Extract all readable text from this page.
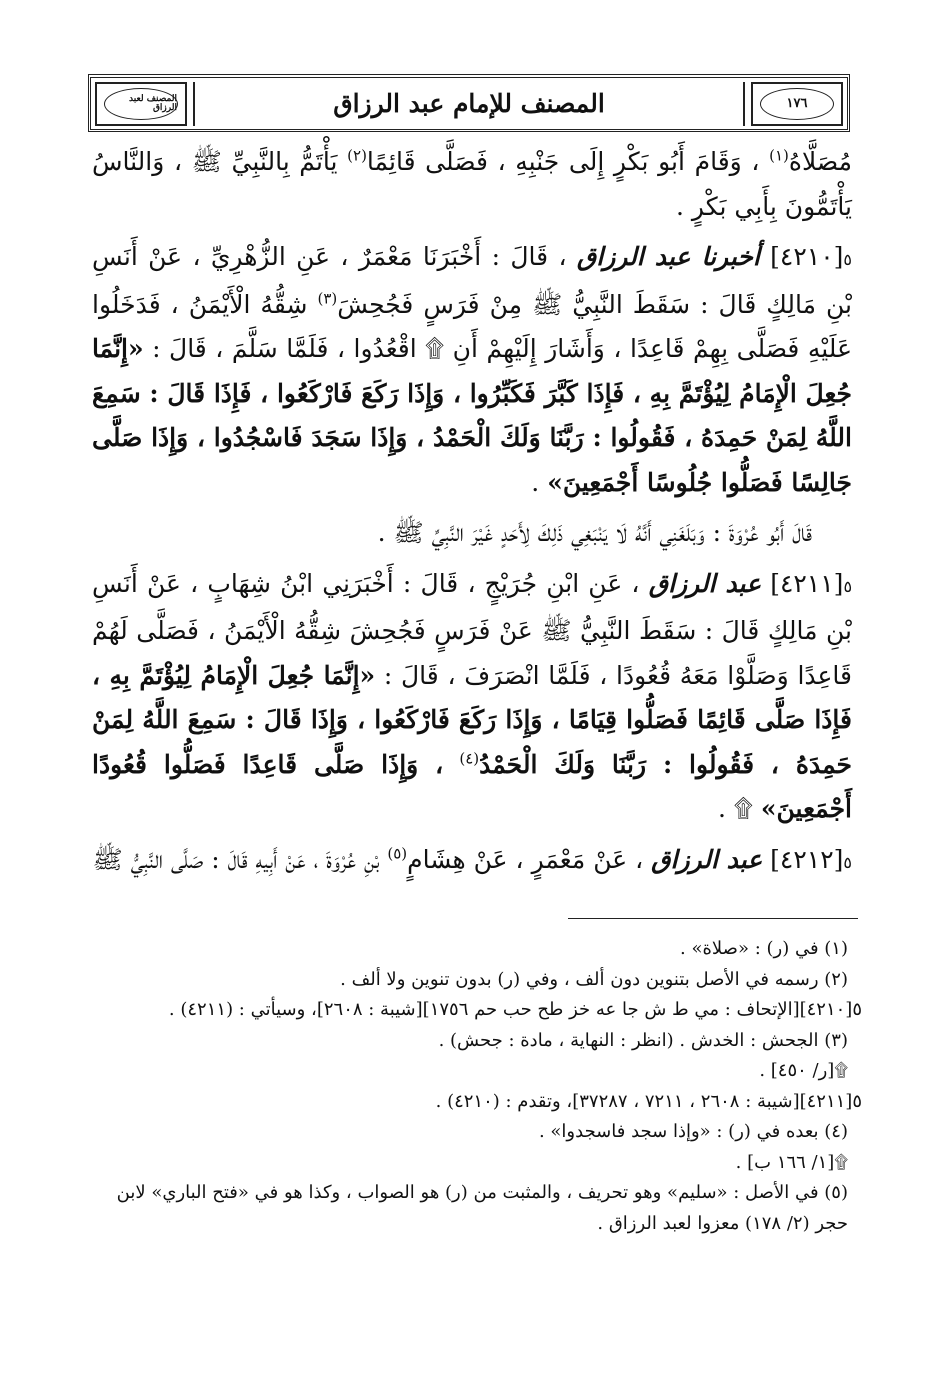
١٧٦
المصنف للإمام عبد الرزاق
المصنف لعبد الرزاق

مُصَلَّاهُ$^{(١)}$ ، وَقَامَ أَبُو بَكْرٍ إِلَى جَنْبِهِ ، فَصَلَّى قَائِمًا$^{(٢)}$ يَأْتَمُّ بِالنَّبِيِّ ﷺ ، وَالنَّاسُ يَأْتَمُّونَ بِأَبِي بَكْرٍ .

٥[٤٢١٠] أخبرنا عبد الرزاق ، قَالَ : أَخْبَرَنَا مَعْمَرٌ ، عَنِ الزُّهْرِيِّ ، عَنْ أَنَسِ بْنِ مَالِكٍ قَالَ : سَقَطَ النَّبِيُّ ﷺ مِنْ فَرَسٍ فَجُحِشَ$^{(٣)}$ شِقُّهُ الْأَيْمَنُ ، فَدَخَلُوا عَلَيْهِ فَصَلَّى بِهِمْ قَاعِدًا ، وَأَشَارَ إِلَيْهِمْ أَنِ ۩ اقْعُدُوا ، فَلَمَّا سَلَّمَ ، قَالَ : «إِنَّمَا جُعِلَ الْإِمَامُ لِيُؤْتَمَّ بِهِ ، فَإِذَا كَبَّرَ فَكَبِّرُوا ، وَإِذَا رَكَعَ فَارْكَعُوا ، فَإِذَا قَالَ : سَمِعَ اللَّهُ لِمَنْ حَمِدَهُ ، فَقُولُوا : رَبَّنَا وَلَكَ الْحَمْدُ ، وَإِذَا سَجَدَ فَاسْجُدُوا ، وَإِذَا صَلَّى جَالِسًا فَصَلُّوا جُلُوسًا أَجْمَعِينَ» .

قَالَ أَبُو عُرْوَةَ : وَبَلَغَنِي أَنَّهُ لَا يَنْبَغِي ذَلِكَ لِأَحَدٍ غَيْرَ النَّبِيِّ ﷺ .

٥[٤٢١١] عبد الرزاق ، عَنِ ابْنِ جُرَيْجٍ ، قَالَ : أَخْبَرَنِي ابْنُ شِهَابٍ ، عَنْ أَنَسِ بْنِ مَالِكٍ قَالَ : سَقَطَ النَّبِيُّ ﷺ عَنْ فَرَسٍ فَجُحِشَ شِقُّهُ الْأَيْمَنُ ، فَصَلَّى لَهُمْ قَاعِدًا وَصَلَّوْا مَعَهُ قُعُودًا ، فَلَمَّا انْصَرَفَ ، قَالَ : «إِنَّمَا جُعِلَ الْإِمَامُ لِيُؤْتَمَّ بِهِ ، فَإِذَا صَلَّى قَائِمًا فَصَلُّوا قِيَامًا ، وَإِذَا رَكَعَ فَارْكَعُوا ، وَإِذَا قَالَ : سَمِعَ اللَّهُ لِمَنْ حَمِدَهُ ، فَقُولُوا : رَبَّنَا وَلَكَ الْحَمْدُ$^{(٤)}$ ، وَإِذَا صَلَّى قَاعِدًا فَصَلُّوا قُعُودًا أَجْمَعِينَ» ۩ .

٥[٤٢١٢] عبد الرزاق ، عَنْ مَعْمَرٍ ، عَنْ هِشَامٍ$^{(٥)}$ بْنِ عُرْوَةَ ، عَنْ أَبِيهِ قَالَ : صَلَّى النَّبِيُّ ﷺ

(١) في (ر) : «صلاة» .
(٢) رسمه في الأصل بتنوين دون ألف ، وفي (ر) بدون تنوين ولا ألف .
٥[٤٢١٠][الإتحاف : مي ط ش جا عه خز طح حب حم ١٧٥٦][شيبة : ٢٦٠٨]، وسيأتي : (٤٢١١) .
(٣) الجحش : الخدش . (انظر : النهاية ، مادة : جحش) .
۩[ر/ ٤٥٠] .
٥[٤٢١١][شيبة : ٢٦٠٨ ، ٧٢١١ ، ٣٧٢٨٧]، وتقدم : (٤٢١٠) .
(٤) بعده في (ر) : «وإذا سجد فاسجدوا» .
۩[١/ ١٦٦ ب] .
(٥) في الأصل : «سليم» وهو تحريف ، والمثبت من (ر) هو الصواب ، وكذا هو في «فتح الباري» لابن حجر (٢/ ١٧٨) معزوا لعبد الرزاق .
